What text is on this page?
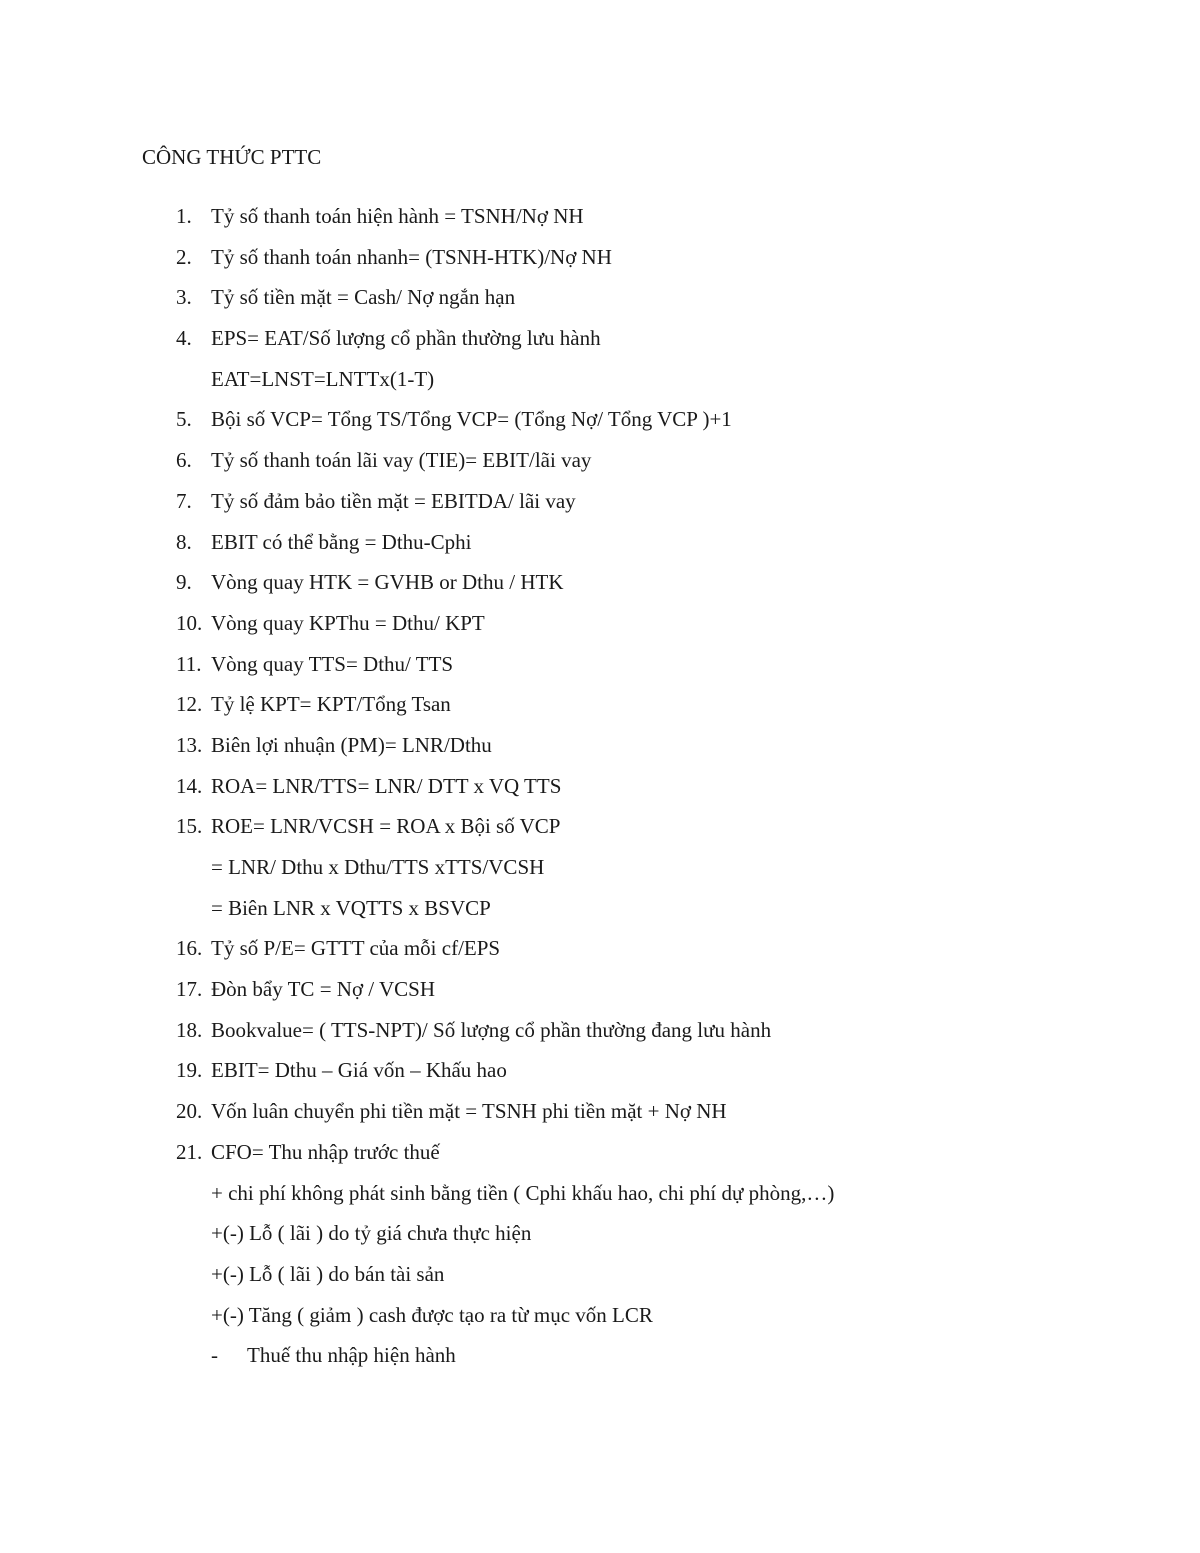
CÔNG THỨC PTTC
1. Tỷ số thanh toán hiện hành = TSNH/Nợ NH
2. Tỷ số thanh toán nhanh= (TSNH-HTK)/Nợ NH
3. Tỷ số tiền mặt = Cash/ Nợ ngắn hạn
4. EPS= EAT/Số lượng cổ phần thường lưu hành
EAT=LNST=LNTTx(1-T)
5. Bội số VCP= Tổng TS/Tổng VCP= (Tổng Nợ/ Tổng VCP )+1
6. Tỷ số thanh toán lãi vay (TIE)= EBIT/lãi vay
7. Tỷ số đảm bảo tiền mặt = EBITDA/ lãi vay
8. EBIT có thể bằng = Dthu-Cphi
9. Vòng quay HTK = GVHB or Dthu / HTK
10. Vòng quay KPThu = Dthu/ KPT
11. Vòng quay TTS= Dthu/ TTS
12. Tỷ lệ KPT= KPT/Tổng Tsan
13. Biên lợi nhuận (PM)= LNR/Dthu
14. ROA= LNR/TTS= LNR/ DTT x VQ TTS
15. ROE= LNR/VCSH = ROA x Bội số VCP
= LNR/ Dthu x Dthu/TTS xTTS/VCSH
= Biên LNR x VQTTS x BSVCP
16. Tỷ số P/E= GTTT của mỗi cf/EPS
17. Đòn bẩy TC = Nợ / VCSH
18. Bookvalue= ( TTS-NPT)/ Số lượng cổ phần thường đang lưu hành
19. EBIT= Dthu – Giá vốn – Khấu hao
20. Vốn luân chuyển phi tiền mặt = TSNH phi tiền mặt + Nợ NH
21. CFO= Thu nhập trước thuế
+ chi phí không phát sinh bằng tiền ( Cphi khấu hao, chi phí dự phòng,…)
+(-) Lỗ ( lãi ) do tỷ giá chưa thực hiện
+(-) Lỗ ( lãi ) do bán tài sản
+(-) Tăng ( giảm ) cash được tạo ra từ mục vốn LCR
- Thuế thu nhập hiện hành
